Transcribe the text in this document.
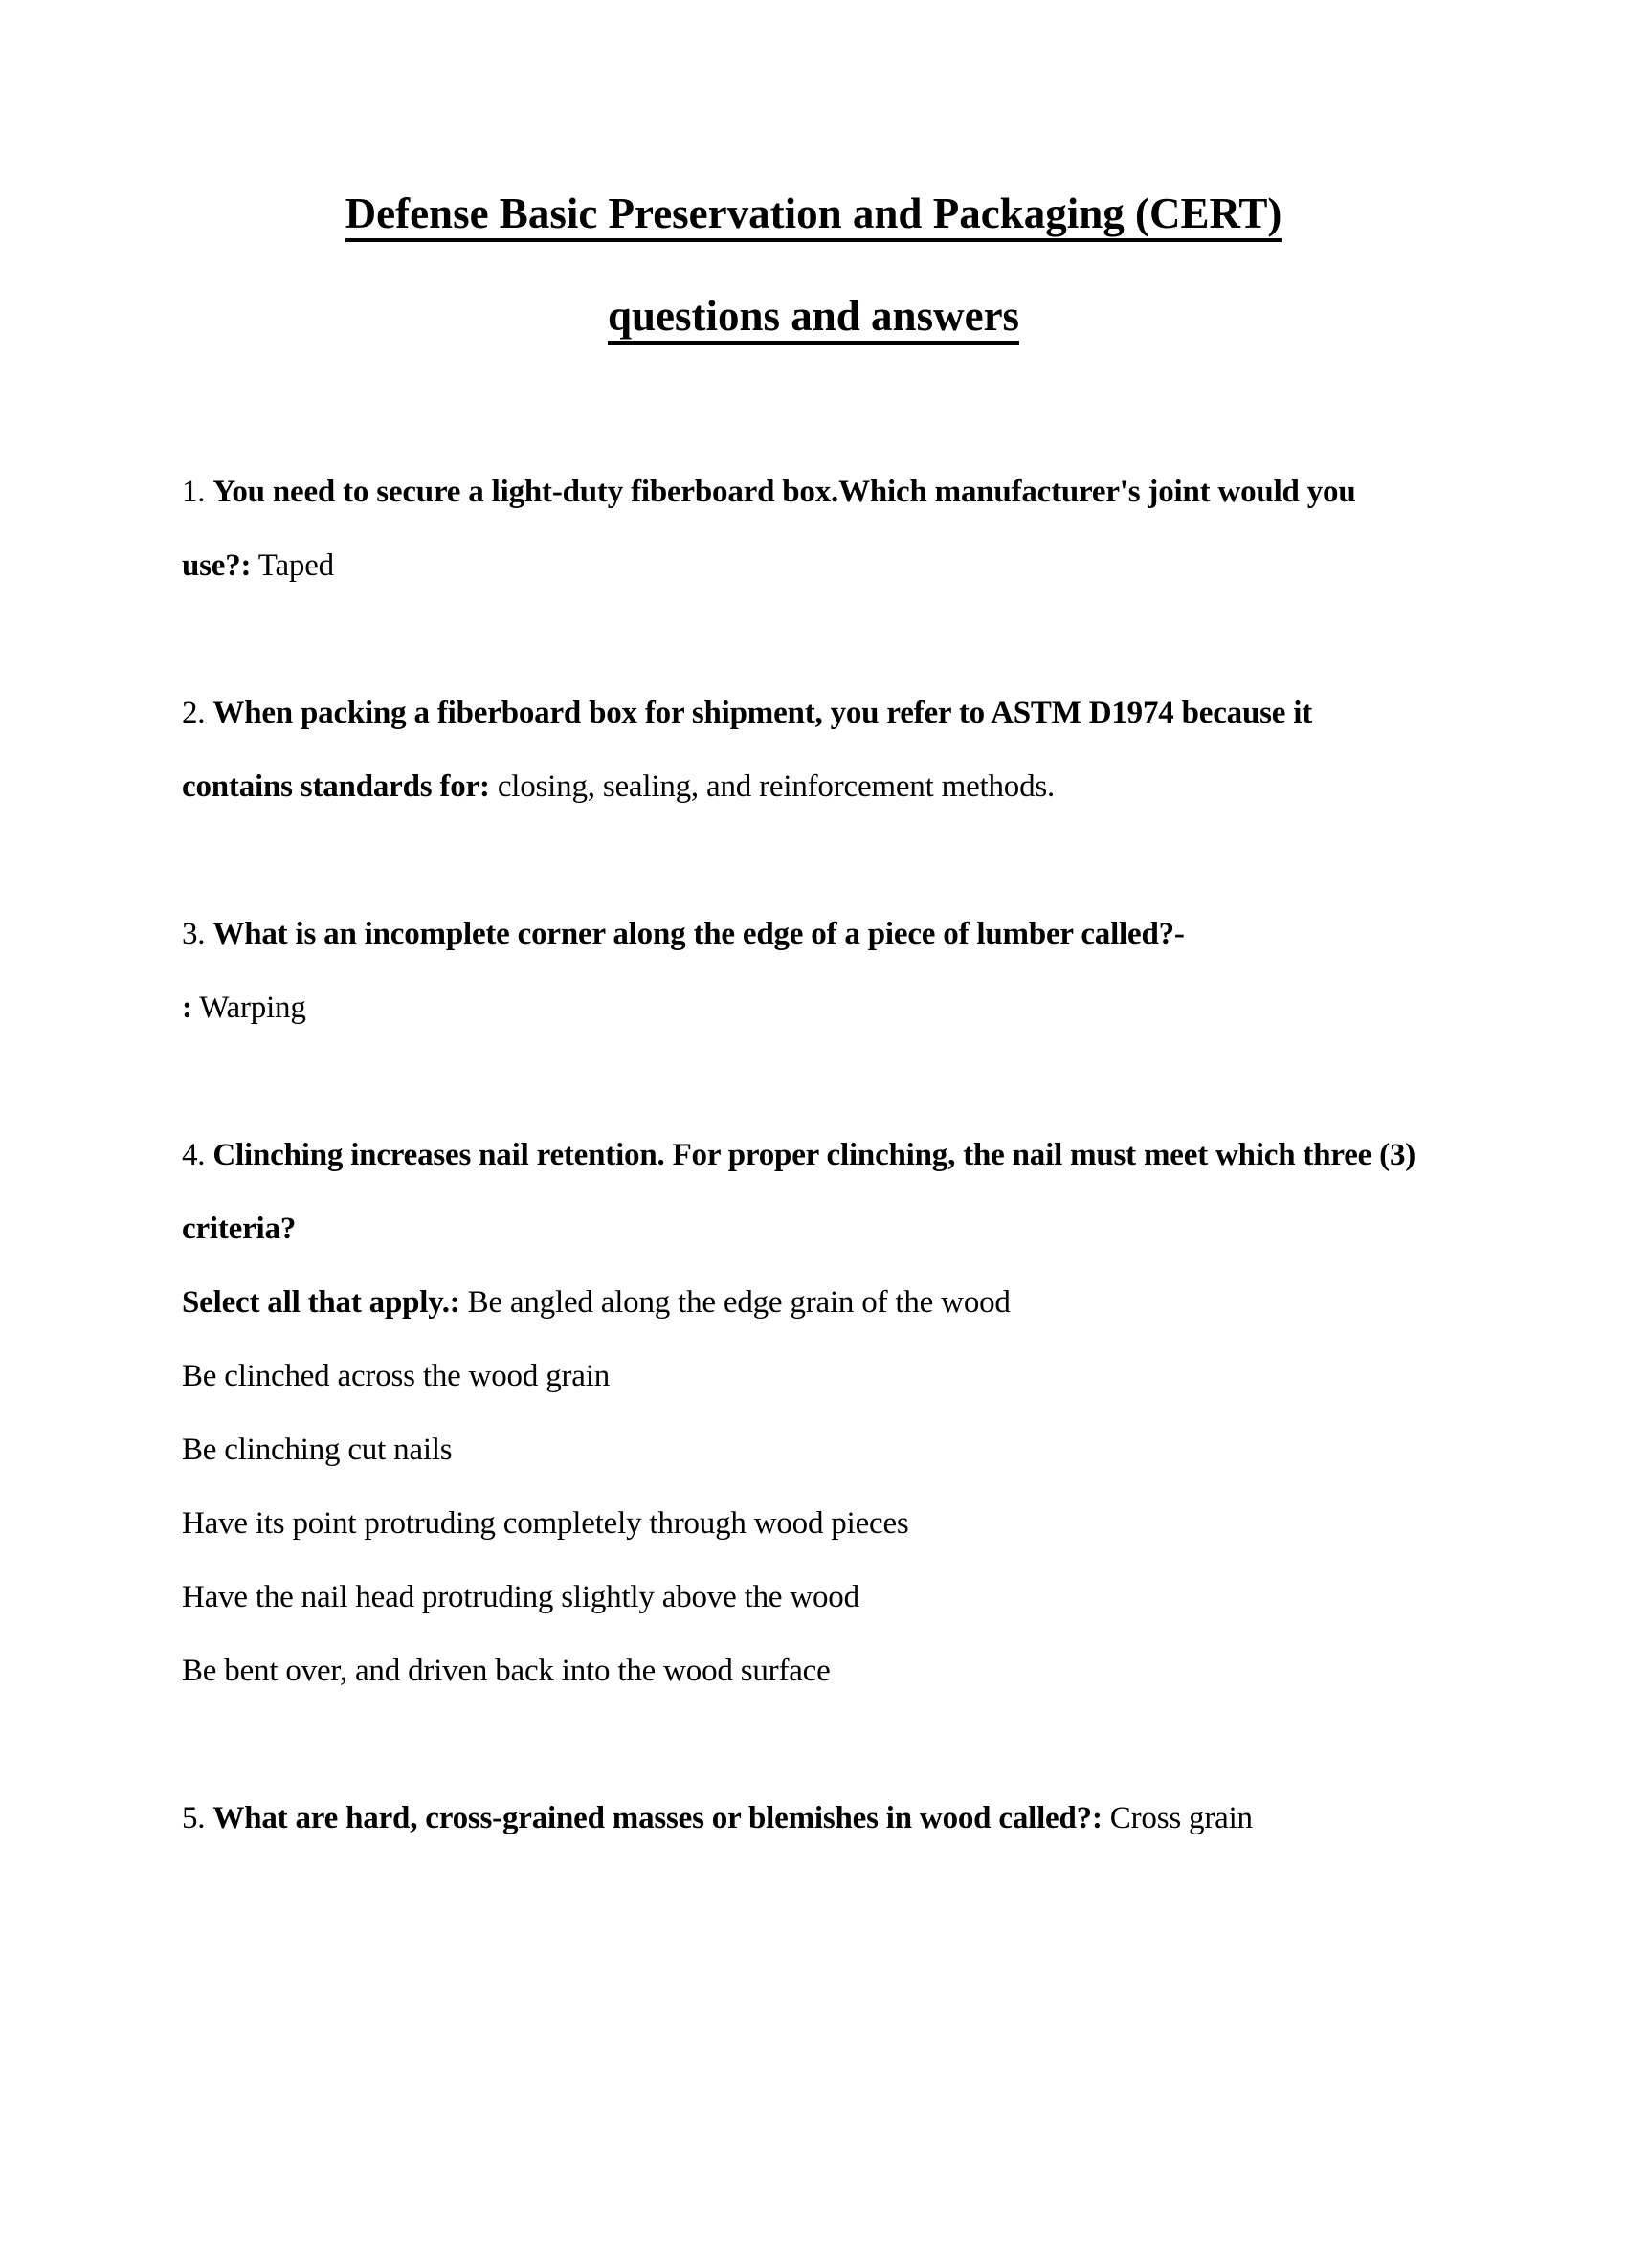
Defense Basic Preservation and Packaging (CERT)
questions and answers
1. You need to secure a light-duty fiberboard box.Which manufacturer's joint would you
use?: Taped
2. When packing a fiberboard box for shipment, you refer to ASTM D1974 because it
contains standards for: closing, sealing, and reinforcement methods.
3. What is an incomplete corner along the edge of a piece of lumber called?-
: Warping
4. Clinching increases nail retention. For proper clinching, the nail must meet which three (3)
criteria?
Select all that apply.: Be angled along the edge grain of the wood
Be clinched across the wood grain
Be clinching cut nails
Have its point protruding completely through wood pieces
Have the nail head protruding slightly above the wood
Be bent over, and driven back into the wood surface
5. What are hard, cross-grained masses or blemishes in wood called?: Cross grain
